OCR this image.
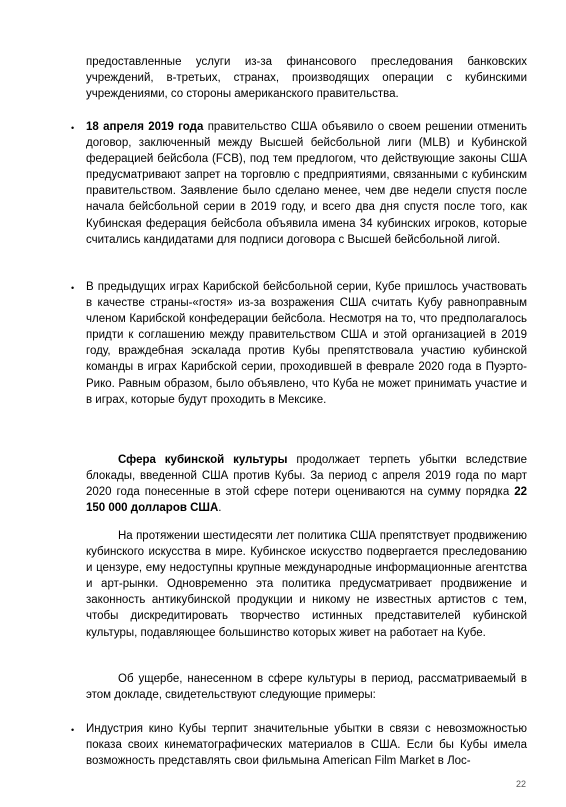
предоставленные услуги из-за финансового преследования банковских учреждений, в-третьих, странах, производящих операции с кубинскими учреждениями, со стороны американского правительства.

• 18 апреля 2019 года правительство США объявило о своем решении отменить договор, заключенный между Высшей бейсбольной лиги (MLB) и Кубинской федерацией бейсбола (FCB), под тем предлогом, что действующие законы США предусматривают запрет на торговлю с предприятиями, связанными с кубинским правительством. Заявление было сделано менее, чем две недели спустя после начала бейсбольной серии в 2019 году, и всего два дня спустя после того, как Кубинская федерация бейсбола объявила имена 34 кубинских игроков, которые считались кандидатами для подписи договора с Высшей бейсбольной лигой.

• В предыдущих играх Карибской бейсбольной серии, Кубе пришлось участвовать в качестве страны-«гостя» из-за возражения США считать Кубу равноправным членом Карибской конфедерации бейсбола. Несмотря на то, что предполагалось придти к соглашению между правительством США и этой организацией в 2019 году, враждебная эскалада против Кубы препятствовала участию кубинской команды в играх Карибской серии, проходившей в феврале 2020 года в Пуэрто-Рико. Равным образом, было объявлено, что Куба не может принимать участие и в играх, которые будут проходить в Мексике.

Сфера кубинской культуры продолжает терпеть убытки вследствие блокады, введенной США против Кубы. За период с апреля 2019 года по март 2020 года понесенные в этой сфере потери оцениваются на сумму порядка 22 150 000 долларов США.

На протяжении шестидесяти лет политика США препятствует продвижению кубинского искусства в мире. Кубинское искусство подвергается преследованию и цензуре, ему недоступны крупные международные информационные агентства и арт-рынки. Одновременно эта политика предусматривает продвижение и законность антикубинской продукции и никому не известных артистов с тем, чтобы дискредитировать творчество истинных представителей кубинской культуры, подавляющее большинство которых живет на работает на Кубе.

Об ущербе, нанесенном в сфере культуры в период, рассматриваемый в этом докладе, свидетельствуют следующие примеры:

• Индустрия кино Кубы терпит значительные убытки в связи с невозможностью показа своих кинематографических материалов в США. Если бы Кубы имела возможность представлять свои фильмына American Film Market в Лос-

22
